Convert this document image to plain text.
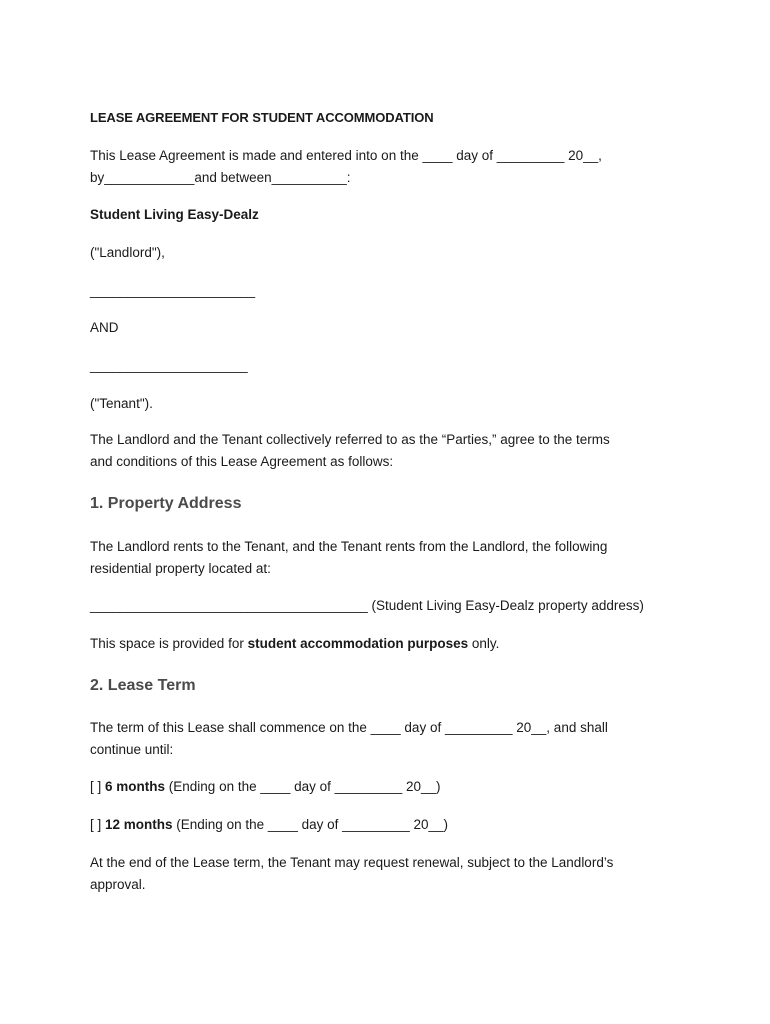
LEASE AGREEMENT FOR STUDENT ACCOMMODATION

This Lease Agreement is made and entered into on the ____ day of _________ 20__,

by____________and between__________:

Student Living Easy-Dealz

("Landlord"),

______________________

AND

_____________________

("Tenant").

The Landlord and the Tenant collectively referred to as the “Parties,” agree to the terms

and conditions of this Lease Agreement as follows:

1. Property Address

The Landlord rents to the Tenant, and the Tenant rents from the Landlord, the following

residential property located at:

_____________________________________ (Student Living Easy-Dealz property address)

This space is provided for student accommodation purposes only.

2. Lease Term

The term of this Lease shall commence on the ____ day of _________ 20__, and shall

continue until:

[ ] 6 months (Ending on the ____ day of _________ 20__)

[ ] 12 months (Ending on the ____ day of _________ 20__)

At the end of the Lease term, the Tenant may request renewal, subject to the Landlord’s

approval.
